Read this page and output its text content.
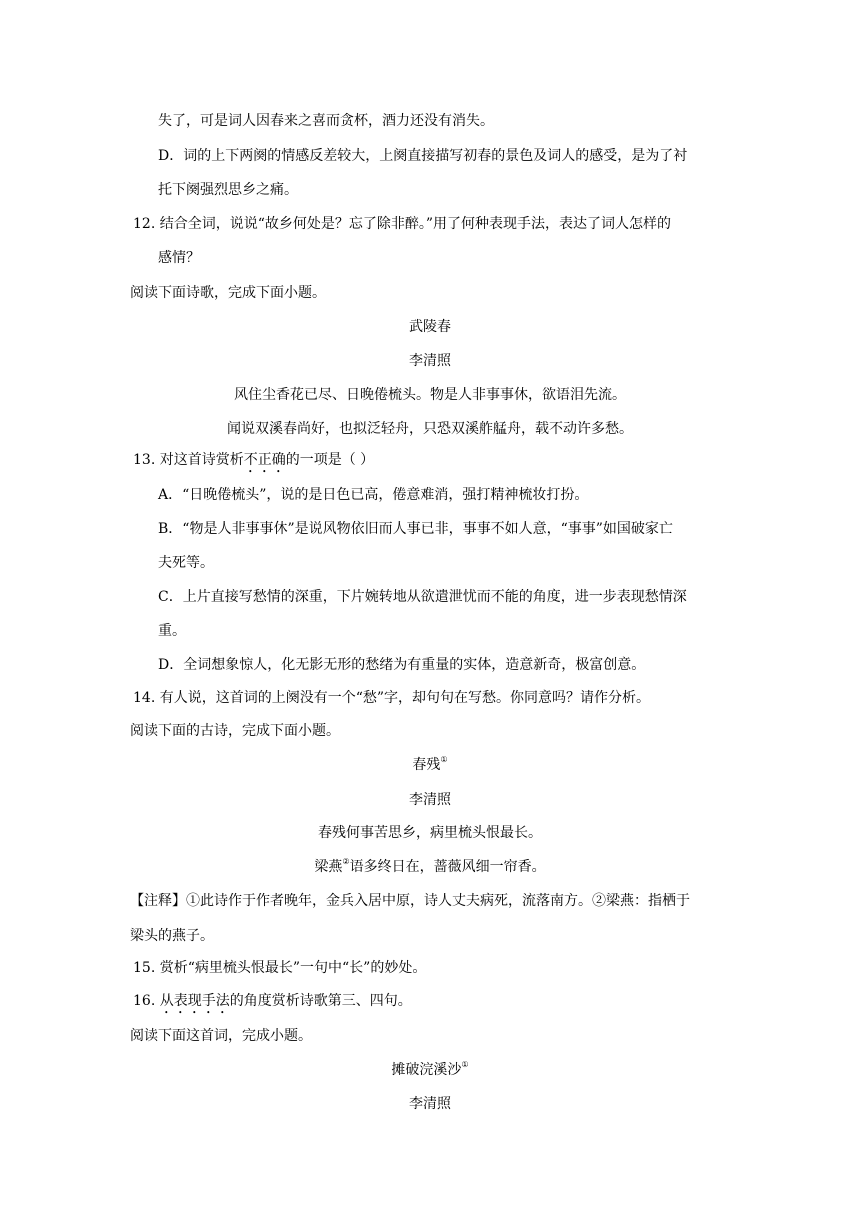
失了，可是词人因春来之喜而贪杯，酒力还没有消失。
D．词的上下两阕的情感反差较大，上阕直接描写初春的景色及词人的感受，是为了衬
托下阕强烈思乡之痛。
12. 结合全词，说说“故乡何处是？忘了除非醉。”用了何种表现手法，表达了词人怎样的
感情？
阅读下面诗歌，完成下面小题。
武陵春
李清照
风住尘香花已尽、日晚倦梳头。物是人非事事休，欲语泪先流。
闻说双溪春尚好，也拟泛轻舟，只恐双溪舴艋舟，载不动许多愁。
13. 对这首诗赏析不正确的一项是（ ）
A．“日晚倦梳头”，说的是日色已高，倦意难消，强打精神梳妆打扮。
B．“物是人非事事休”是说风物依旧而人事已非，事事不如人意，“事事”如国破家亡
夫死等。
C．上片直接写愁情的深重，下片婉转地从欲遣泄忧而不能的角度，进一步表现愁情深
重。
D．全词想象惊人，化无影无形的愁绪为有重量的实体，造意新奇，极富创意。
14. 有人说，这首词的上阕没有一个“愁”字，却句句在写愁。你同意吗？请作分析。
阅读下面的古诗，完成下面小题。
春残①
李清照
春残何事苦思乡，病里梳头恨最长。
梁燕②语多终日在，蔷薇风细一帘香。
【注释】①此诗作于作者晚年，金兵入居中原，诗人丈夫病死，流落南方。②梁燕：指栖于
梁头的燕子。
15. 赏析“病里梳头恨最长”一句中“长”的妙处。
16. 从表现手法的角度赏析诗歌第三、四句。
阅读下面这首词，完成小题。
摊破浣溪沙①
李清照
